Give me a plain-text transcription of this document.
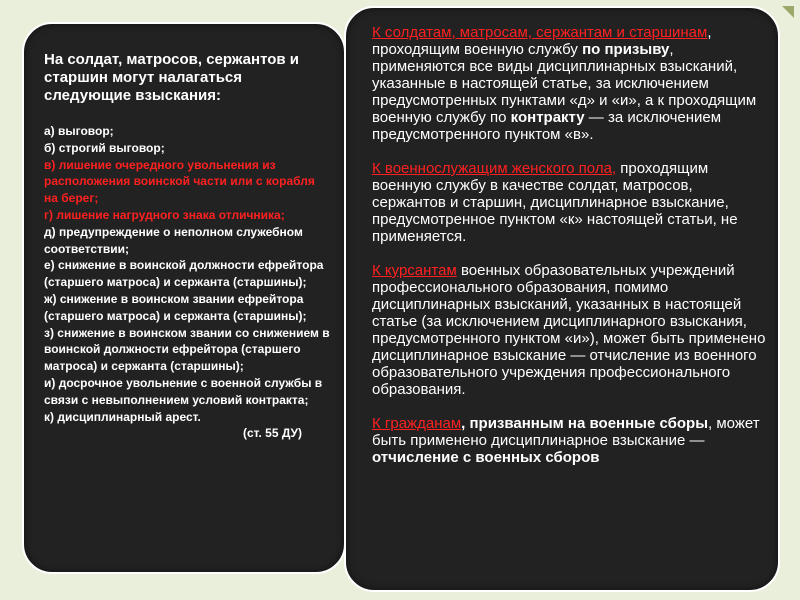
На солдат, матросов, сержантов и старшин могут налагаться следующие взыскания:

а) выговор;

б) строгий выговор;

в) лишение очередного увольнения из расположения воинской части или с корабля на берег;

г) лишение нагрудного знака отличника;

д) предупреждение о неполном служебном соответствии;

е) снижение в воинской должности ефрейтора (старшего матроса) и сержанта (старшины);

ж) снижение в воинском звании ефрейтора (старшего матроса) и сержанта (старшины);

з) снижение в воинском звании со снижением в воинской должности ефрейтора (старшего матроса) и сержанта (старшины);

и) досрочное увольнение с военной службы в связи с невыполнением условий контракта;

к) дисциплинарный арест.

(ст. 55 ДУ)

К солдатам, матросам, сержантам и старшинам, проходящим военную службу по призыву, применяются все виды дисциплинарных взысканий, указанные в настоящей статье, за исключением предусмотренных пунктами «д» и «и», а к проходящим военную службу по контракту — за исключением предусмотренного пунктом «в».

К военнослужащим женского пола, проходящим военную службу в качестве солдат, матросов, сержантов и старшин, дисциплинарное взыскание, предусмотренное пунктом «к» настоящей статьи, не применяется.

К курсантам военных образовательных учреждений профессионального образования, помимо дисциплинарных взысканий, указанных в настоящей статье (за исключением дисциплинарного взыскания, предусмотренного пунктом «и»), может быть применено дисциплинарное взыскание — отчисление из военного образовательного учреждения профессионального образования.

К гражданам, призванным на военные сборы, может быть применено дисциплинарное взыскание — отчисление с военных сборов
